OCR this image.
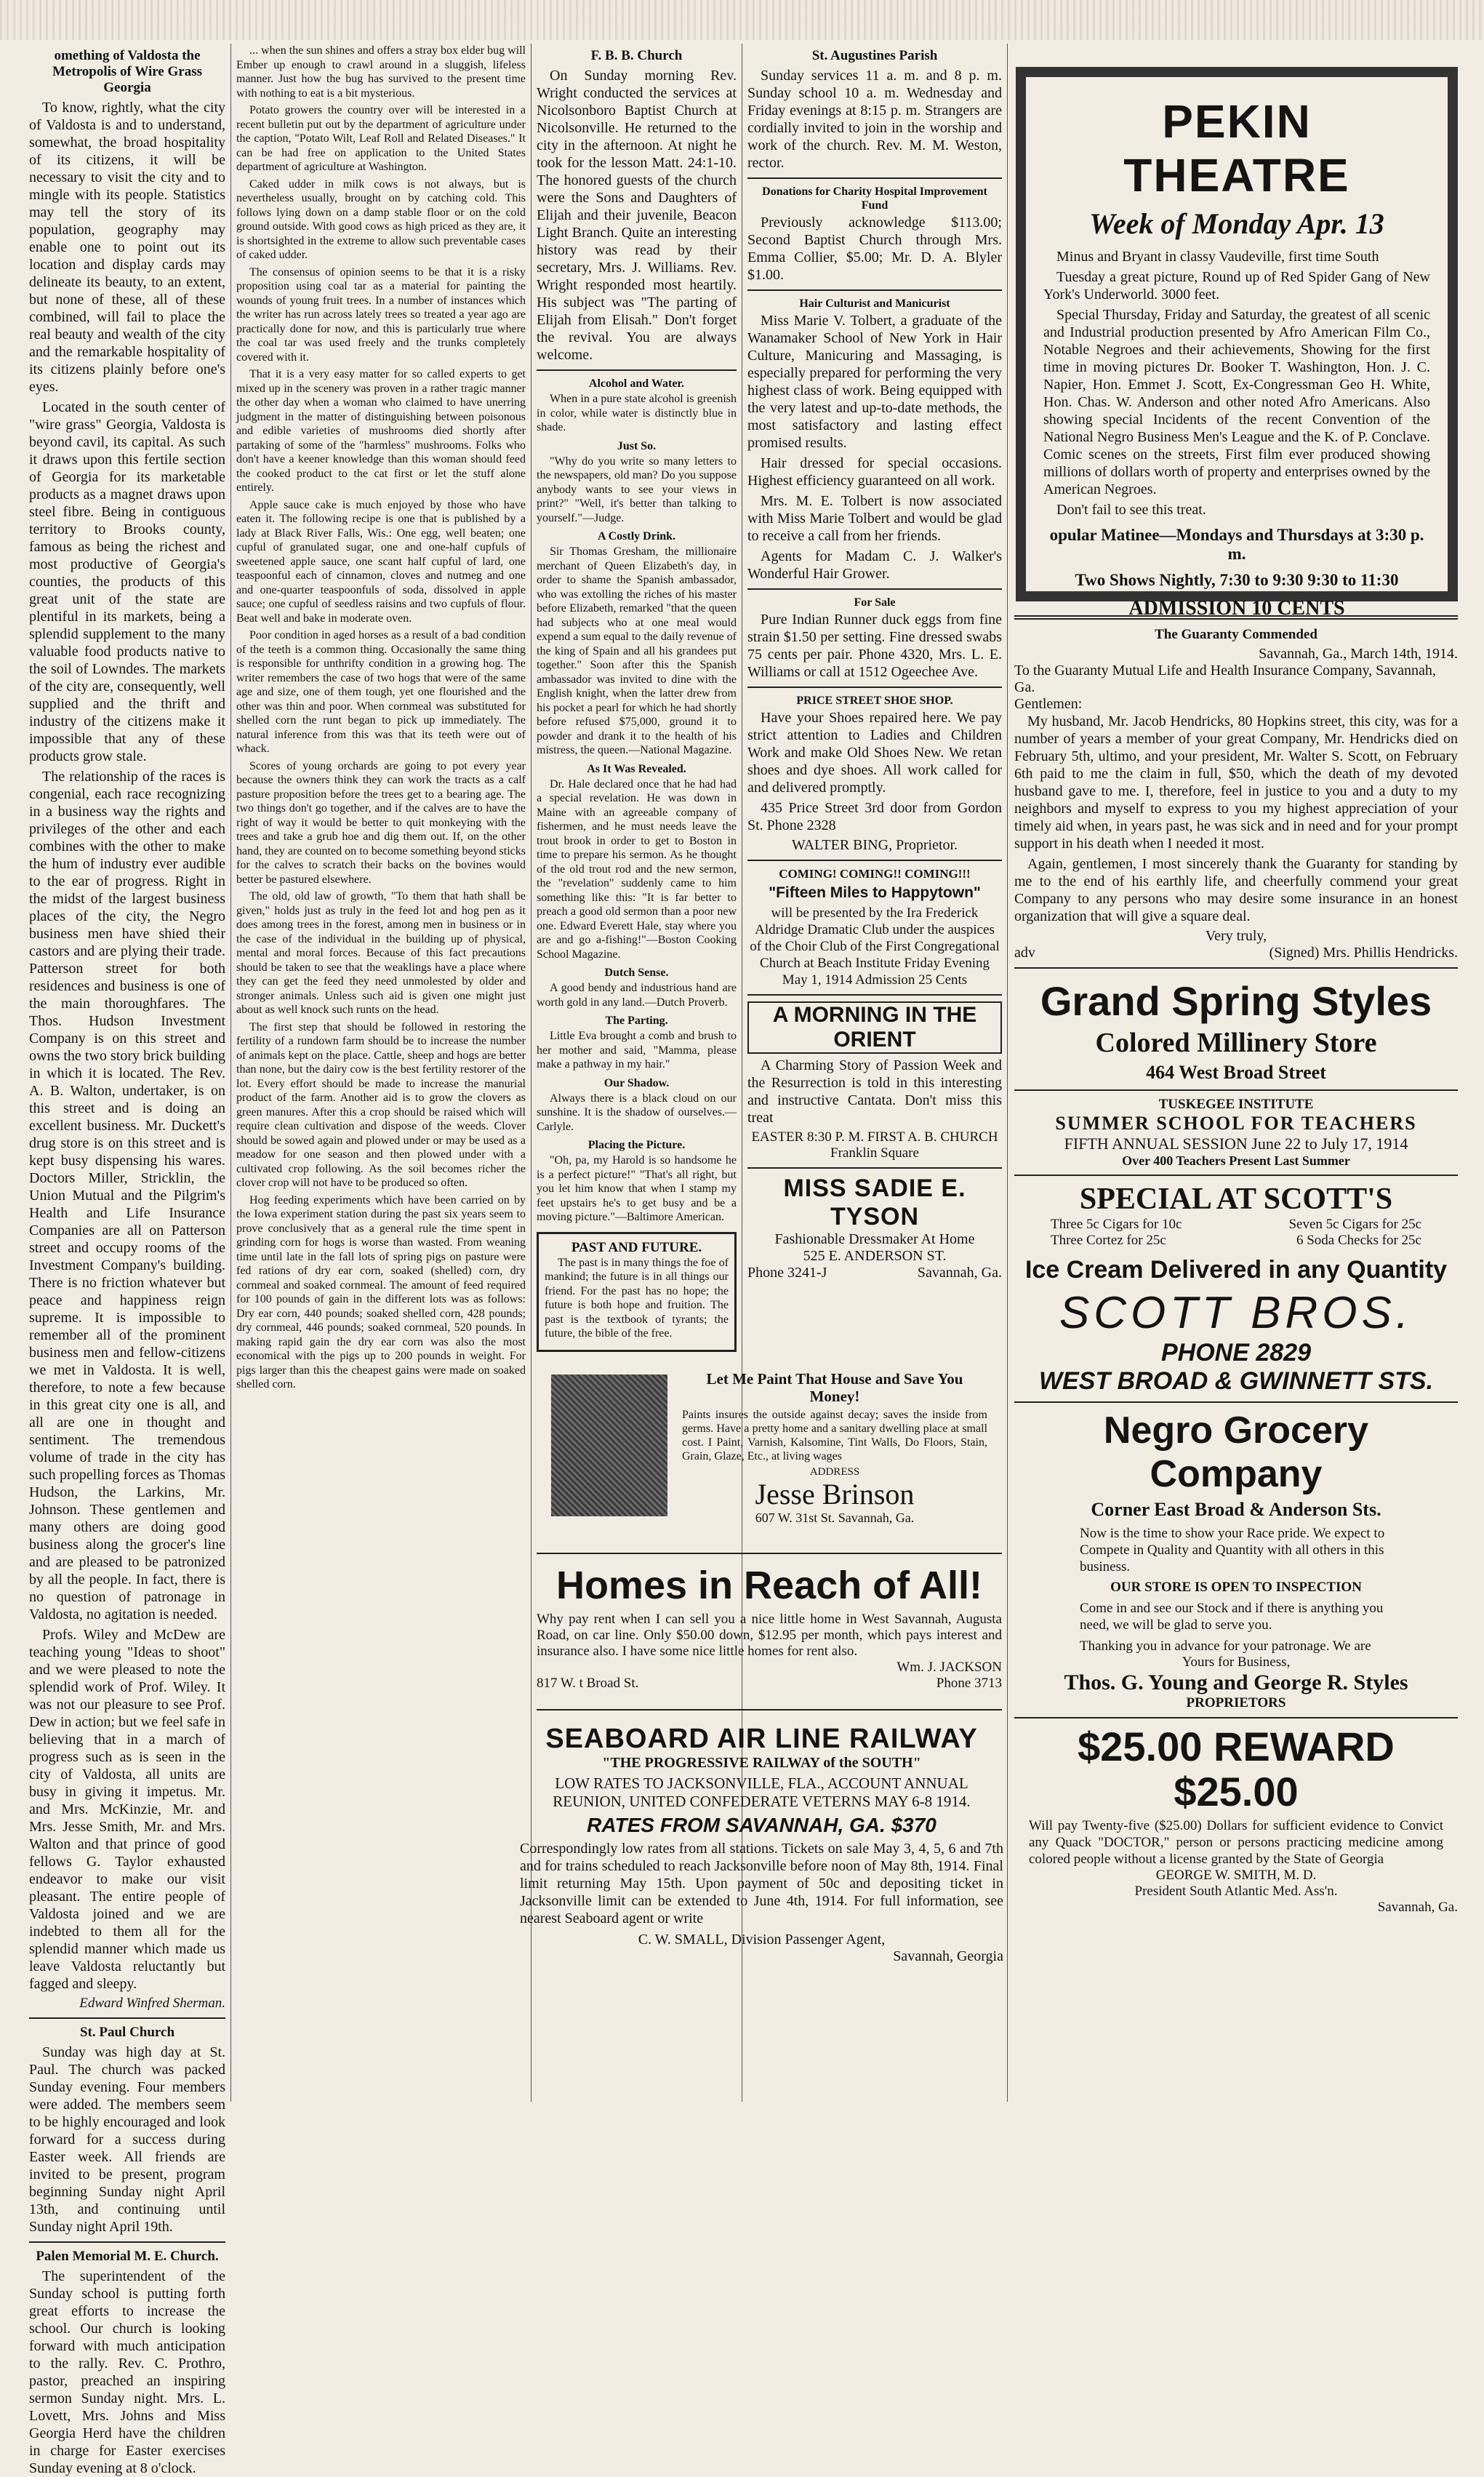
omething of Valdosta the Metropolis of Wire Grass Georgia

To know, rightly, what the city of Valdosta is and to understand, somewhat, the broad hospitality of its citizens, it will be necessary to visit the city and to mingle with its people. Statistics may tell the story of its population, geography may enable one to point out its location and display cards may delineate its beauty, to an extent, but none of these, all of these combined, will fail to place the real beauty and wealth of the city and the remarkable hospitality of its citizens plainly before one's eyes.

Located in the south center of "wire grass" Georgia, Valdosta is beyond cavil, its capital. As such it draws upon this fertile section of Georgia for its marketable products as a magnet draws upon steel fibre. Being in contiguous territory to Brooks county, famous as being the richest and most productive of Georgia's counties, the products of this great unit of the state are plentiful in its markets, being a splendid supplement to the many valuable food products native to the soil of Lowndes. The markets of the city are, consequently, well supplied and the thrift and industry of the citizens make it impossible that any of these products grow stale.

The relationship of the races is congenial, each race recognizing in a business way the rights and privileges of the other and each combines with the other to make the hum of industry ever audible to the ear of progress. Right in the midst of the largest business places of the city, the Negro business men have shied their castors and are plying their trade. Patterson street for both residences and business is one of the main thoroughfares. The Thos. Hudson Investment Company is on this street and owns the two story brick building in which it is located. The Rev. A. B. Walton, undertaker, is on this street and is doing an excellent business. Mr. Duckett's drug store is on this street and is kept busy dispensing his wares. Doctors Miller, Stricklin, the Union Mutual and the Pilgrim's Health and Life Insurance Companies are all on Patterson street and occupy rooms of the Investment Company's building. There is no friction whatever but peace and happiness reign supreme. It is impossible to remember all of the prominent business men and fellow-citizens we met in Valdosta. It is well, therefore, to note a few because in this great city one is all, and all are one in thought and sentiment. The tremendous volume of trade in the city has such propelling forces as Thomas Hudson, the Larkins, Mr. Johnson. These gentlemen and many others are doing good business along the grocer's line and are pleased to be patronized by all the people. In fact, there is no question of patronage in Valdosta, no agitation is needed.

Profs. Wiley and McDew are teaching young "Ideas to shoot" and we were pleased to note the splendid work of Prof. Wiley. It was not our pleasure to see Prof. Dew in action; but we feel safe in believing that in a march of progress such as is seen in the city of Valdosta, all units are busy in giving it impetus. Mr. and Mrs. McKinzie, Mr. and Mrs. Jesse Smith, Mr. and Mrs. Walton and that prince of good fellows G. Taylor exhausted endeavor to make our visit pleasant. The entire people of Valdosta joined and we are indebted to them all for the splendid manner which made us leave Valdosta reluctantly but fagged and sleepy.

Edward Winfred Sherman.
St. Paul Church

Sunday was high day at St. Paul. The church was packed Sunday evening. Four members were added. The members seem to be highly encouraged and look forward for a success during Easter week. All friends are invited to be present, program beginning Sunday night April 13th, and continuing until Sunday night April 19th.

Palen Memorial M. E. Church.

The superintendent of the Sunday school is putting forth great efforts to increase the school. Our church is looking forward with much anticipation to the rally. Rev. C. Prothro, pastor, preached an inspiring sermon Sunday night. Mrs. L. Lovett, Mrs. Johns and Miss Georgia Herd have the children in charge for Easter exercises Sunday evening at 8 o'clock.

... when the sun shines and offers a stray box elder bug will Ember up enough to crawl around in a sluggish, lifeless manner. Just how the bug has survived to the present time with nothing to eat is a bit mysterious.

Potato growers the country over will be interested in a recent bulletin put out by the department of agriculture under the caption, "Potato Wilt, Leaf Roll and Related Diseases." It can be had free on application to the United States department of agriculture at Washington.

Caked udder in milk cows is not always, but is nevertheless usually, brought on by catching cold. This follows lying down on a damp stable floor or on the cold ground outside. With good cows as high priced as they are, it is shortsighted in the extreme to allow such preventable cases of caked udder.

The consensus of opinion seems to be that it is a risky proposition using coal tar as a material for painting the wounds of young fruit trees. In a number of instances which the writer has run across lately trees so treated a year ago are practically done for now, and this is particularly true where the coal tar was used freely and the trunks completely covered with it.

That it is a very easy matter for so called experts to get mixed up in the scenery was proven in a rather tragic manner the other day when a woman who claimed to have unerring judgment in the matter of distinguishing between poisonous and edible varieties of mushrooms died shortly after partaking of some of the "harmless" mushrooms. Folks who don't have a keener knowledge than this woman should feed the cooked product to the cat first or let the stuff alone entirely.

Apple sauce cake is much enjoyed by those who have eaten it. The following recipe is one that is published by a lady at Black River Falls, Wis.: One egg, well beaten; one cupful of granulated sugar, one and one-half cupfuls of sweetened apple sauce, one scant half cupful of lard, one teaspoonful each of cinnamon, cloves and nutmeg and one and one-quarter teaspoonfuls of soda, dissolved in apple sauce; one cupful of seedless raisins and two cupfuls of flour. Beat well and bake in moderate oven.

Poor condition in aged horses as a result of a bad condition of the teeth is a common thing. Occasionally the same thing is responsible for unthrifty condition in a growing hog. The writer remembers the case of two hogs that were of the same age and size, one of them tough, yet one flourished and the other was thin and poor. When cornmeal was substituted for shelled corn the runt began to pick up immediately. The natural inference from this was that its teeth were out of whack.

Scores of young orchards are going to pot every year because the owners think they can work the tracts as a calf pasture proposition before the trees get to a bearing age. The two things don't go together, and if the calves are to have the right of way it would be better to quit monkeying with the trees and take a grub hoe and dig them out. If, on the other hand, they are counted on to become something beyond sticks for the calves to scratch their backs on the bovines would better be pastured elsewhere.

The old, old law of growth, "To them that hath shall be given," holds just as truly in the feed lot and hog pen as it does among trees in the forest, among men in business or in the case of the individual in the building up of physical, mental and moral forces. Because of this fact precautions should be taken to see that the weaklings have a place where they can get the feed they need unmolested by older and stronger animals. Unless such aid is given one might just about as well knock such runts on the head.

The first step that should be followed in restoring the fertility of a rundown farm should be to increase the number of animals kept on the place. Cattle, sheep and hogs are better than none, but the dairy cow is the best fertility restorer of the lot. Every effort should be made to increase the manurial product of the farm. Another aid is to grow the clovers as green manures. After this a crop should be raised which will require clean cultivation and dispose of the weeds. Clover should be sowed again and plowed under or may be used as a meadow for one season and then plowed under with a cultivated crop following. As the soil becomes richer the clover crop will not have to be produced so often.

Hog feeding experiments which have been carried on by the Iowa experiment station during the past six years seem to prove conclusively that as a general rule the time spent in grinding corn for hogs is worse than wasted. From weaning time until late in the fall lots of spring pigs on pasture were fed rations of dry ear corn, soaked (shelled) corn, dry cornmeal and soaked cornmeal. The amount of feed required for 100 pounds of gain in the different lots was as follows: Dry ear corn, 440 pounds; soaked shelled corn, 428 pounds; dry cornmeal, 446 pounds; soaked cornmeal, 520 pounds. In making rapid gain the dry ear corn was also the most economical with the pigs up to 200 pounds in weight. For pigs larger than this the cheapest gains were made on soaked shelled corn.

F. B. B. Church

On Sunday morning Rev. Wright conducted the services at Nicolsonboro Baptist Church at Nicolsonville. He returned to the city in the afternoon. At night he took for the lesson Matt. 24:1-10. The honored guests of the church were the Sons and Daughters of Elijah and their juvenile, Beacon Light Branch. Quite an interesting history was read by their secretary, Mrs. J. Williams. Rev. Wright responded most heartily. His subject was "The parting of Elijah from Elisah." Don't forget the revival. You are always welcome.

Alcohol and Water.

When in a pure state alcohol is greenish in color, while water is distinctly blue in shade.

Just So.

"Why do you write so many letters to the newspapers, old man? Do you suppose anybody wants to see your views in print?" "Well, it's better than talking to yourself."—Judge.

A Costly Drink.

Sir Thomas Gresham, the millionaire merchant of Queen Elizabeth's day, in order to shame the Spanish ambassador, who was extolling the riches of his master before Elizabeth, remarked "that the queen had subjects who at one meal would expend a sum equal to the daily revenue of the king of Spain and all his grandees put together." Soon after this the Spanish ambassador was invited to dine with the English knight, when the latter drew from his pocket a pearl for which he had shortly before refused $75,000, ground it to powder and drank it to the health of his mistress, the queen.—National Magazine.

As It Was Revealed.

Dr. Hale declared once that he had had a special revelation. He was down in Maine with an agreeable company of fishermen, and he must needs leave the trout brook in order to get to Boston in time to prepare his sermon. As he thought of the old trout rod and the new sermon, the "revelation" suddenly came to him something like this: "It is far better to preach a good old sermon than a poor new one. Edward Everett Hale, stay where you are and go a-fishing!"—Boston Cooking School Magazine.

Dutch Sense.

A good bendy and industrious hand are worth gold in any land.—Dutch Proverb.

The Parting.

Little Eva brought a comb and brush to her mother and said, "Mamma, please make a pathway in my hair."

Our Shadow.

Always there is a black cloud on our sunshine. It is the shadow of ourselves.—Carlyle.

Placing the Picture.

"Oh, pa, my Harold is so handsome he is a perfect picture!" "That's all right, but you let him know that when I stamp my feet upstairs he's to get busy and be a moving picture."—Baltimore American.

PAST AND FUTURE.

The past is in many things the foe of mankind; the future is in all things our friend. For the past has no hope; the future is both hope and fruition. The past is the textbook of tyrants; the future, the bible of the free.

St. Augustines Parish

Sunday services 11 a. m. and 8 p. m. Sunday school 10 a. m. Wednesday and Friday evenings at 8:15 p. m. Strangers are cordially invited to join in the worship and work of the church. Rev. M. M. Weston, rector.

Donations for Charity Hospital Improvement Fund

Previously acknowledge $113.00; Second Baptist Church through Mrs. Emma Collier, $5.00; Mr. D. A. Blyler $1.00.

Hair Culturist and Manicurist

Miss Marie V. Tolbert, a graduate of the Wanamaker School of New York in Hair Culture, Manicuring and Massaging, is especially prepared for performing the very highest class of work. Being equipped with the very latest and up-to-date methods, the most satisfactory and lasting effect promised results.

Hair dressed for special occasions. Highest efficiency guaranteed on all work.

Mrs. M. E. Tolbert is now associated with Miss Marie Tolbert and would be glad to receive a call from her friends.

Agents for Madam C. J. Walker's Wonderful Hair Grower.

For Sale

Pure Indian Runner duck eggs from fine strain $1.50 per setting. Fine dressed swabs 75 cents per pair. Phone 4320, Mrs. L. E. Williams or call at 1512 Ogeechee Ave.

PRICE STREET SHOE SHOP.

Have your Shoes repaired here. We pay strict attention to Ladies and Children Work and make Old Shoes New. We retan shoes and dye shoes. All work called for and delivered promptly.

435 Price Street 3rd door from Gordon St. Phone 2328

WALTER BING, Proprietor.
COMING! COMING!! COMING!!!
"Fifteen Miles to Happytown"
will be presented by the Ira Frederick Aldridge Dramatic Club under the auspices of the Choir Club of the First Congregational Church at Beach Institute Friday Evening May 1, 1914 Admission 25 Cents
A MORNING IN THE ORIENT

A Charming Story of Passion Week and the Resurrection is told in this interesting and instructive Cantata. Don't miss this treat

EASTER 8:30 P. M. FIRST A. B. CHURCH Franklin Square
MISS SADIE E. TYSON
Fashionable Dressmaker At Home
525 E. ANDERSON ST.
Phone 3241-J	Savannah, Ga.
Let Me Paint That House and Save You Money!
Paints insures the outside against decay; saves the inside from germs. Have a pretty home and a sanitary dwelling place at small cost. I Paint, Varnish, Kalsomine, Tint Walls, Do Floors, Stain, Grain, Glaze, Etc., at living wages
ADDRESS
Jesse Brinson
607 W. 31st St. Savannah, Ga.
Homes in Reach of All!
Why pay rent when I can sell you a nice little home in West Savannah, Augusta Road, on car line. Only $50.00 down, $12.95 per month, which pays interest and insurance also. I have some nice little homes for rent also.
Wm. J. JACKSON
817 W. t Broad St.	Phone 3713
SEABOARD AIR LINE RAILWAY
"THE PROGRESSIVE RAILWAY of the SOUTH"
LOW RATES TO JACKSONVILLE, FLA., ACCOUNT ANNUAL REUNION, UNITED CONFEDERATE VETERNS MAY 6-8 1914.
RATES FROM SAVANNAH, GA. $370
Correspondingly low rates from all stations. Tickets on sale May 3, 4, 5, 6 and 7th and for trains scheduled to reach Jacksonville before noon of May 8th, 1914. Final limit returning May 15th. Upon payment of 50c and depositing ticket in Jacksonville limit can be extended to June 4th, 1914. For full information, see nearest Seaboard agent or write
C. W. SMALL, Division Passenger Agent,
Savannah, Georgia
PEKIN THEATRE
Week of Monday Apr. 13

Minus and Bryant in classy Vaudeville, first time South

Tuesday a great picture, Round up of Red Spider Gang of New York's Underworld. 3000 feet.

Special Thursday, Friday and Saturday, the greatest of all scenic and Industrial production presented by Afro American Film Co., Notable Negroes and their achievements, Showing for the first time in moving pictures Dr. Booker T. Washington, Hon. J. C. Napier, Hon. Emmet J. Scott, Ex-Congressman Geo H. White, Hon. Chas. W. Anderson and other noted Afro Americans. Also showing special Incidents of the recent Convention of the National Negro Business Men's League and the K. of P. Conclave. Comic scenes on the streets, First film ever produced showing millions of dollars worth of property and enterprises owned by the American Negroes.

Don't fail to see this treat.

opular Matinee—Mondays and Thursdays at 3:30 p. m.
Two Shows Nightly, 7:30 to 9:30 9:30 to 11:30
ADMISSION 10 CENTS
The Guaranty Commended
Savannah, Ga., March 14th, 1914.
To the Guaranty Mutual Life and Health Insurance Company, Savannah, Ga.
Gentlemen:

My husband, Mr. Jacob Hendricks, 80 Hopkins street, this city, was for a number of years a member of your great Company, Mr. Hendricks died on February 5th, ultimo, and your president, Mr. Walter S. Scott, on February 6th paid to me the claim in full, $50, which the death of my devoted husband gave to me. I, therefore, feel in justice to you and a duty to my neighbors and myself to express to you my highest appreciation of your timely aid when, in years past, he was sick and in need and for your prompt support in his death when I needed it most.

Again, gentlemen, I most sincerely thank the Guaranty for standing by me to the end of his earthly life, and cheerfully commend your great Company to any persons who may desire some insurance in an honest organization that will give a square deal.

Very truly,
adv	(Signed) Mrs. Phillis Hendricks.
Grand Spring Styles
Colored Millinery Store
464 West Broad Street
TUSKEGEE INSTITUTE
SUMMER SCHOOL FOR TEACHERS
FIFTH ANNUAL SESSION June 22 to July 17, 1914
Over 400 Teachers Present Last Summer
SPECIAL AT SCOTT'S
Three 5c Cigars for 10c	Seven 5c Cigars for 25c
Three Cortez for 25c	6 Soda Checks for 25c
Ice Cream Delivered in any Quantity
SCOTT BROS.
PHONE 2829
WEST BROAD & GWINNETT STS.
Negro Grocery Company
Corner East Broad & Anderson Sts.
Now is the time to show your Race pride. We expect to Compete in Quality and Quantity with all others in this business.
OUR STORE IS OPEN TO INSPECTION
Come in and see our Stock and if there is anything you need, we will be glad to serve you.
Thanking you in advance for your patronage. We are
Yours for Business,
Thos. G. Young and George R. Styles
PROPRIETORS
$25.00 REWARD $25.00
Will pay Twenty-five ($25.00) Dollars for sufficient evidence to Convict any Quack "DOCTOR," person or persons practicing medicine among colored people without a license granted by the State of Georgia
GEORGE W. SMITH, M. D.
President South Atlantic Med. Ass'n.
Savannah, Ga.
